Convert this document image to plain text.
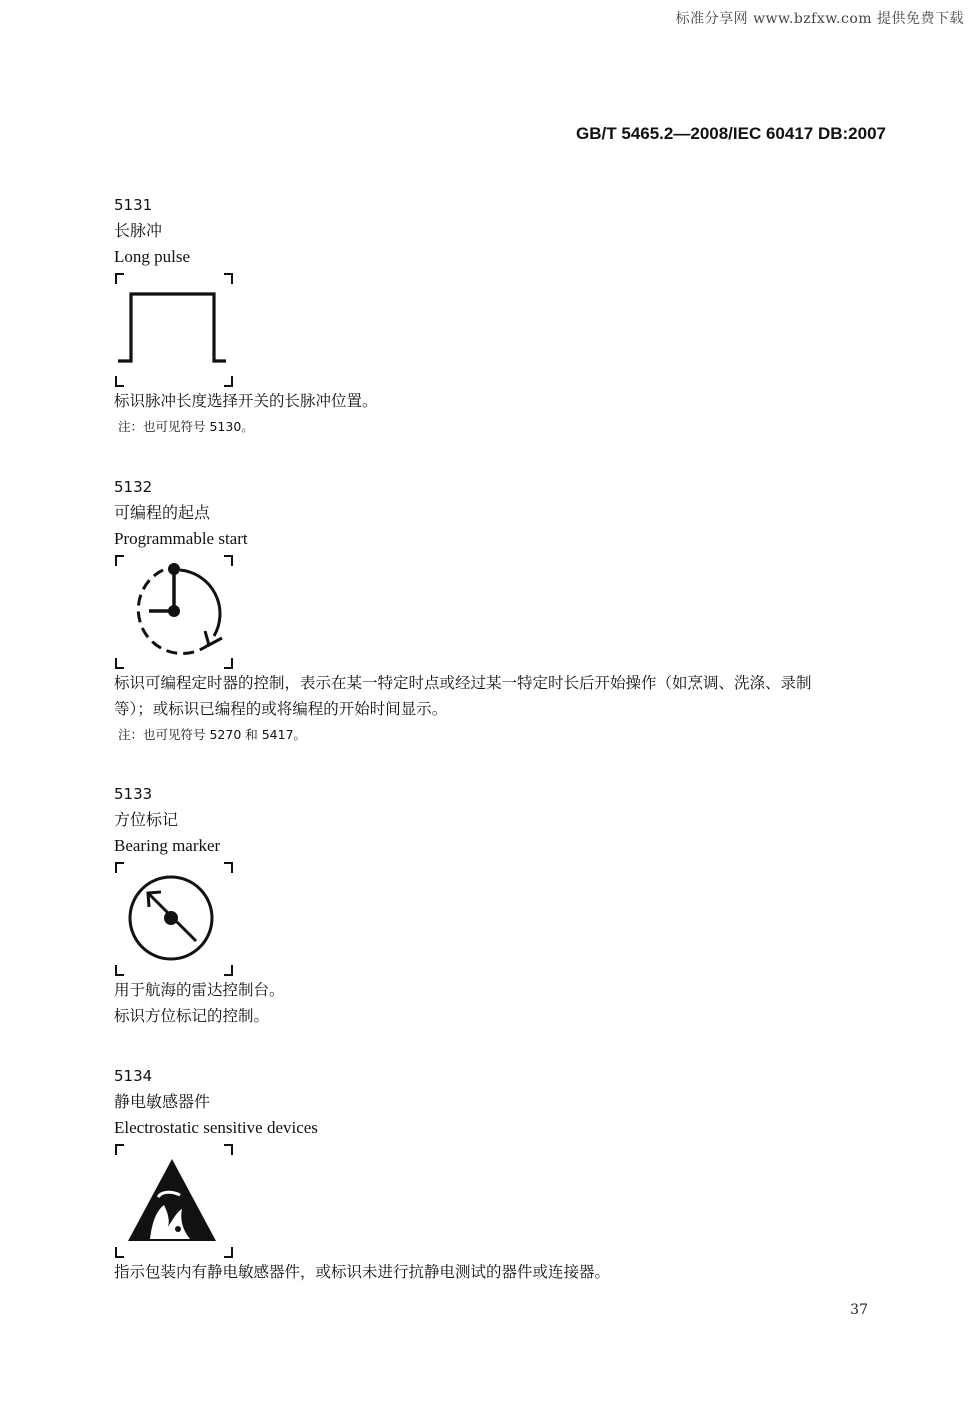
标准分享网 www.bzfxw.com 提供免费下载
GB/T 5465.2—2008/IEC 60417 DB:2007
5131
长脉冲
Long pulse

标识脉冲长度选择开关的长脉冲位置。

注：也可见符号 5130。

5132
可编程的起点
Programmable start

标识可编程定时器的控制，表示在某一特定时点或经过某一特定时长后开始操作（如烹调、洗涤、录制

等）；或标识已编程的或将编程的开始时间显示。

注：也可见符号 5270 和 5417。

5133
方位标记
Bearing marker

用于航海的雷达控制台。

标识方位标记的控制。

5134
静电敏感器件
Electrostatic sensitive devices

指示包装内有静电敏感器件，或标识未进行抗静电测试的器件或连接器。

37
